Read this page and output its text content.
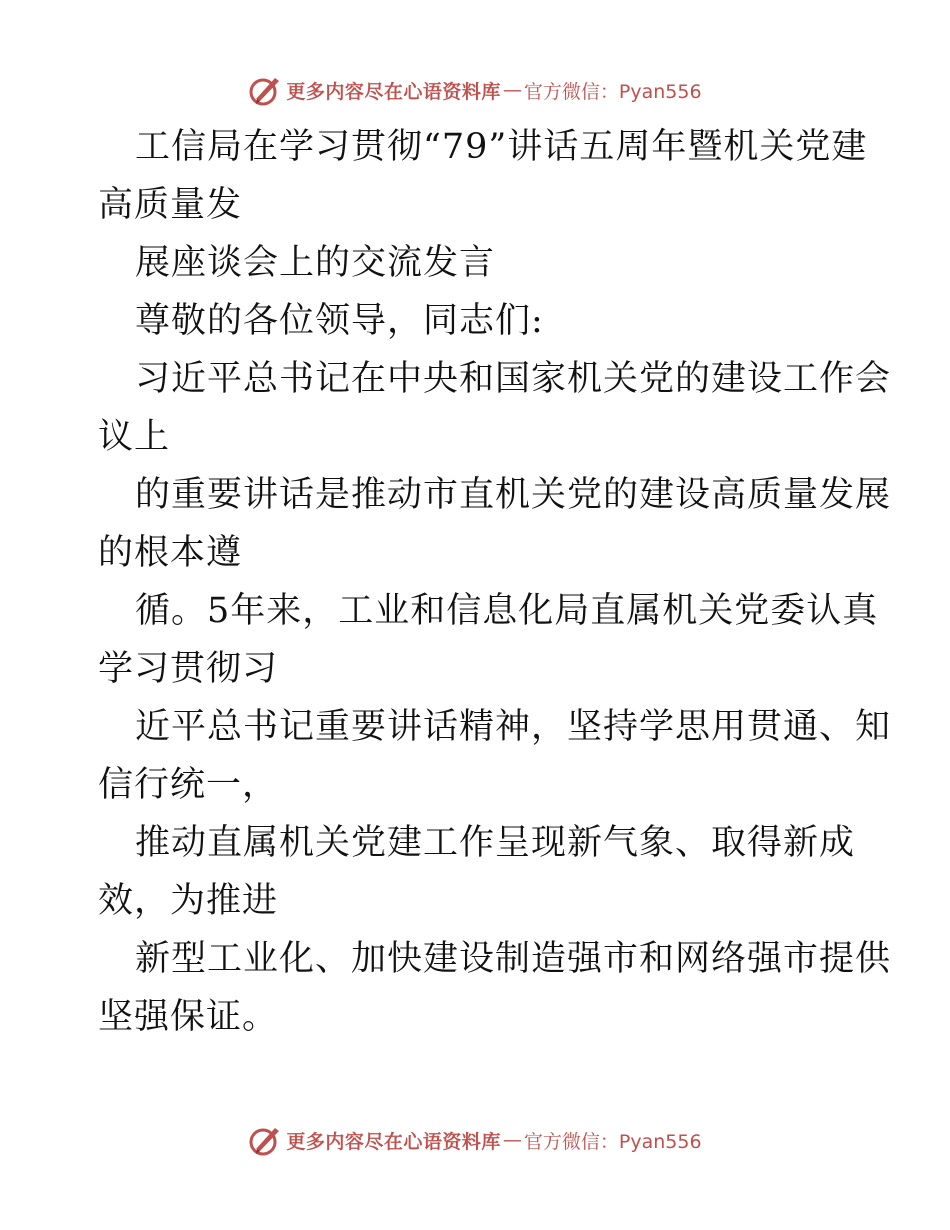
更多内容尽在心语资料库 — 官方微信：Pyan556
工信局在学习贯彻“79”讲话五周年暨机关党建
高质量发
展座谈会上的交流发言
尊敬的各位领导，同志们:
习近平总书记在中央和国家机关党的建设工作会
议上
的重要讲话是推动市直机关党的建设高质量发展
的根本遵
循。5年来，工业和信息化局直属机关党委认真
学习贯彻习
近平总书记重要讲话精神，坚持学思用贯通、知
信行统一，
推动直属机关党建工作呈现新气象、取得新成
效，为推进
新型工业化、加快建设制造强市和网络强市提供
坚强保证。
更多内容尽在心语资料库 — 官方微信：Pyan556
